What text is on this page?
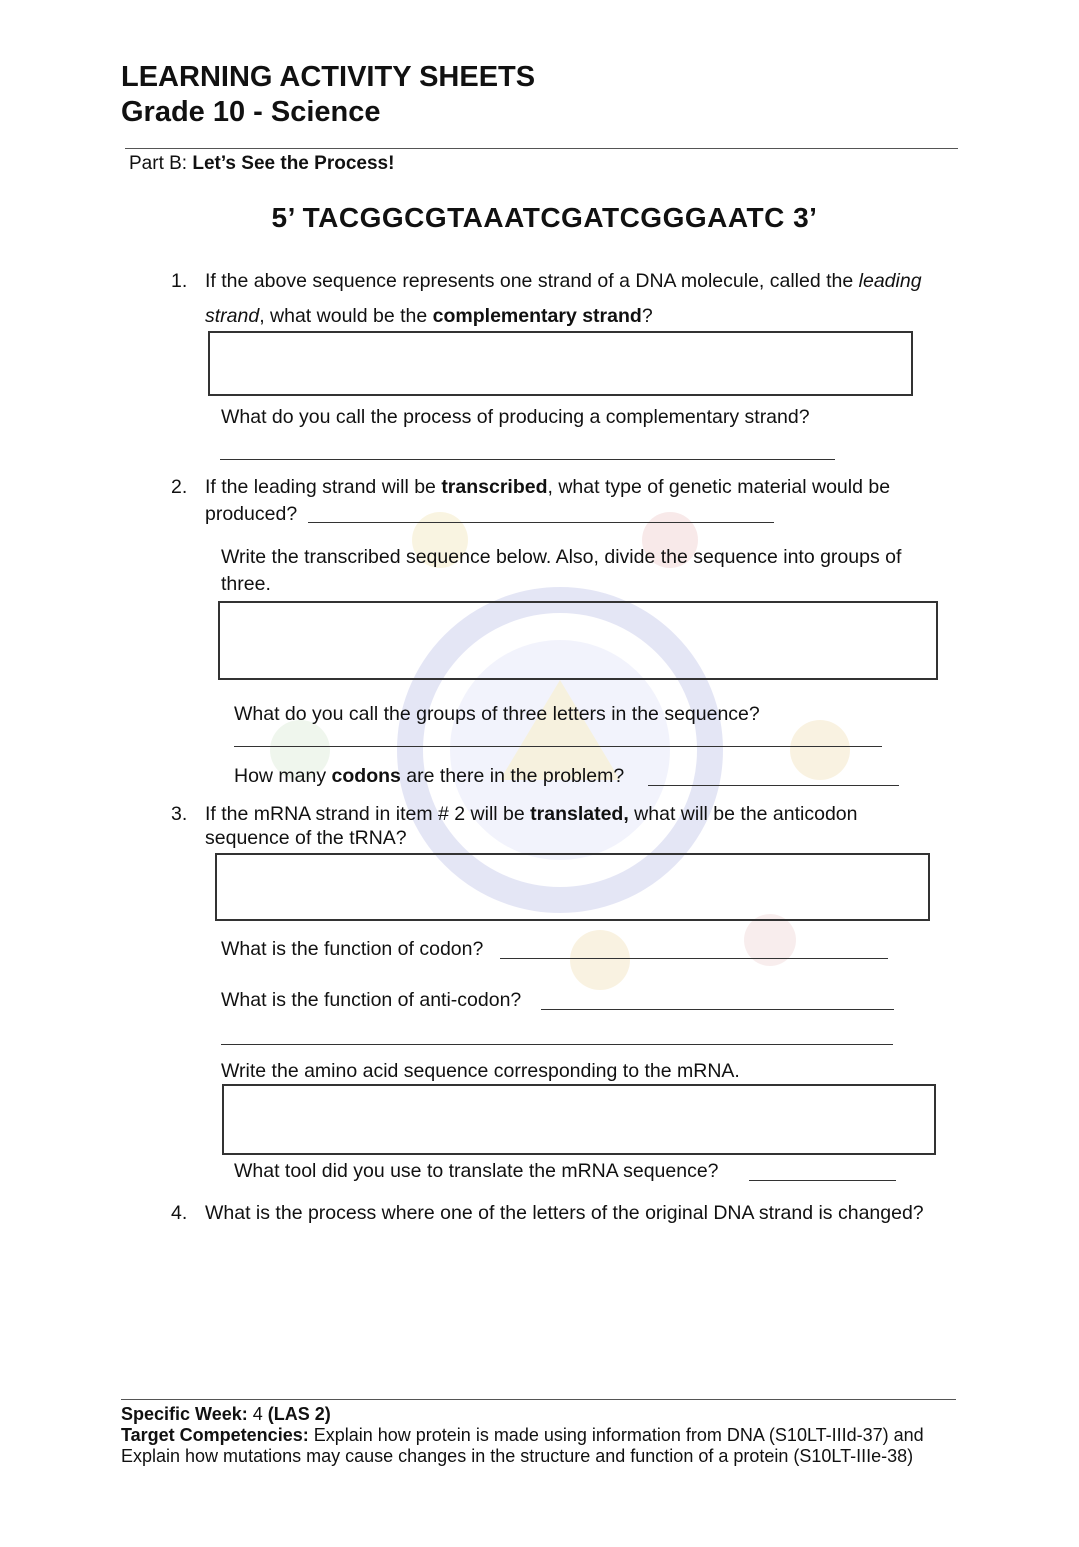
LEARNING ACTIVITY SHEETS
Grade 10 - Science
Part B: Let’s See the Process!
5’ TACGGCGTAAATCGATCGGGAATC 3’
1. If the above sequence represents one strand of a DNA molecule, called the leading
strand, what would be the complementary strand?
What do you call the process of producing a complementary strand?
2. If the leading strand will be transcribed, what type of genetic material would be
produced?
Write the transcribed sequence below. Also, divide the sequence into groups of
three.
What do you call the groups of three letters in the sequence?
How many codons are there in the problem?
3. If the mRNA strand in item # 2 will be translated, what will be the anticodon
sequence of the tRNA?
What is the function of codon?
What is the function of anti-codon?
Write the amino acid sequence corresponding to the mRNA.
What tool did you use to translate the mRNA sequence?
4. What is the process where one of the letters of the original DNA strand is changed?
Specific Week: 4 (LAS 2)
Target Competencies: Explain how protein is made using information from DNA (S10LT-IIId-37) and
Explain how mutations may cause changes in the structure and function of a protein (S10LT-IIIe-38)
